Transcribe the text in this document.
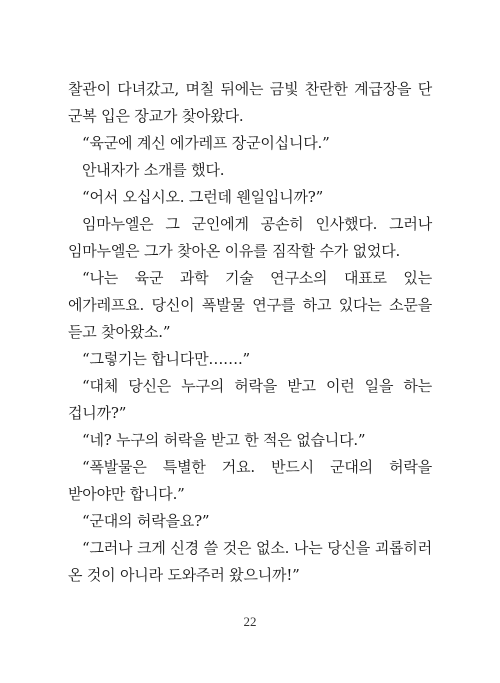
찰관이 다녀갔고, 며칠 뒤에는 금빛 찬란한 계급장을 단 군복 입은 장교가 찾아왔다.

“육군에 계신 에가레프 장군이십니다.”

안내자가 소개를 했다.

“어서 오십시오. 그런데 웬일입니까?”

임마누엘은 그 군인에게 공손히 인사했다. 그러나 임마누엘은 그가 찾아온 이유를 짐작할 수가 없었다.

“나는 육군 과학 기술 연구소의 대표로 있는 에가레프요. 당신이 폭발물 연구를 하고 있다는 소문을 듣고 찾아왔소.”

“그렇기는 합니다만…….”

“대체 당신은 누구의 허락을 받고 이런 일을 하는 겁니까?”

“네? 누구의 허락을 받고 한 적은 없습니다.”

“폭발물은 특별한 거요. 반드시 군대의 허락을 받아야만 합니다.”

“군대의 허락을요?”

“그러나 크게 신경 쓸 것은 없소. 나는 당신을 괴롭히러 온 것이 아니라 도와주러 왔으니까!”

22
